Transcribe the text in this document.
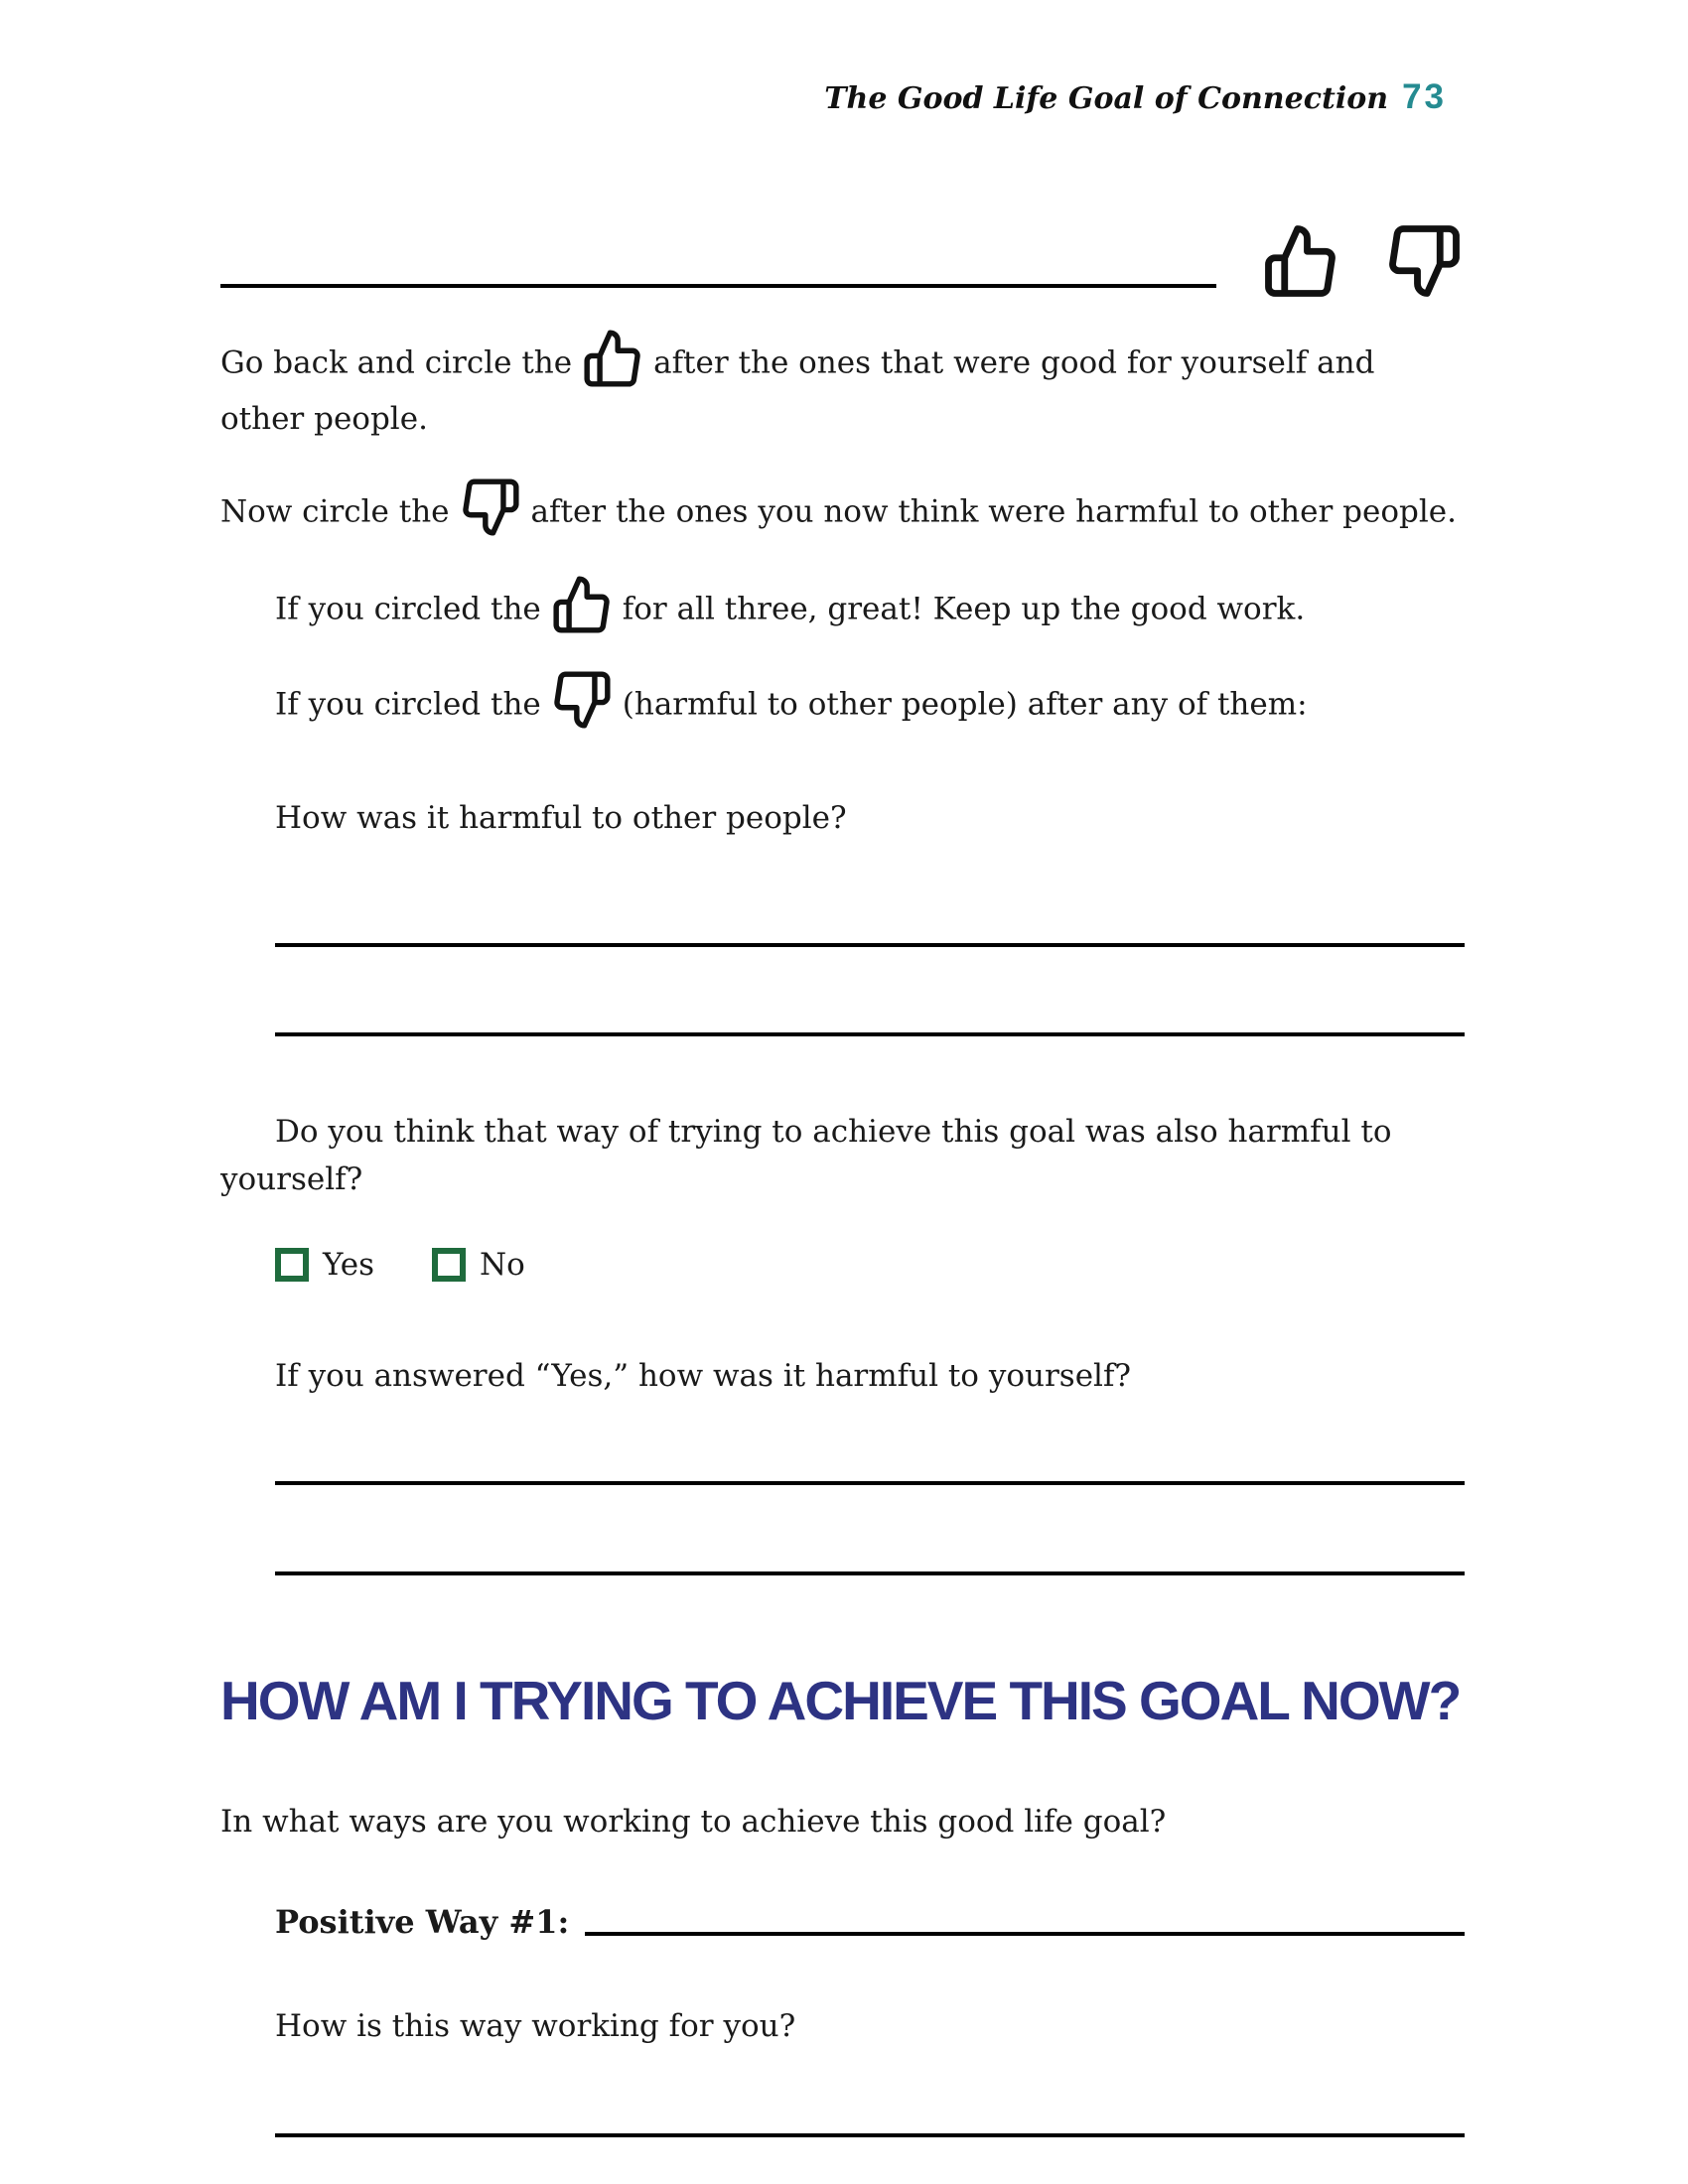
The Good Life Goal of Connection 73

Go back and circle the	after the ones that were good for yourself and other people.

Now circle the	after the ones you now think were harmful to other people.

If you circled the	for all three, great! Keep up the good work.

If you circled the	(harmful to other people) after any of them:

How was it harmful to other people?

Do you think that way of trying to achieve this goal was also harmful to
yourself?

Yes	No

If you answered “Yes,” how was it harmful to yourself?

HOW AM I TRYING TO ACHIEVE THIS GOAL NOW?

In what ways are you working to achieve this good life goal?

Positive Way #1:

How is this way working for you?
